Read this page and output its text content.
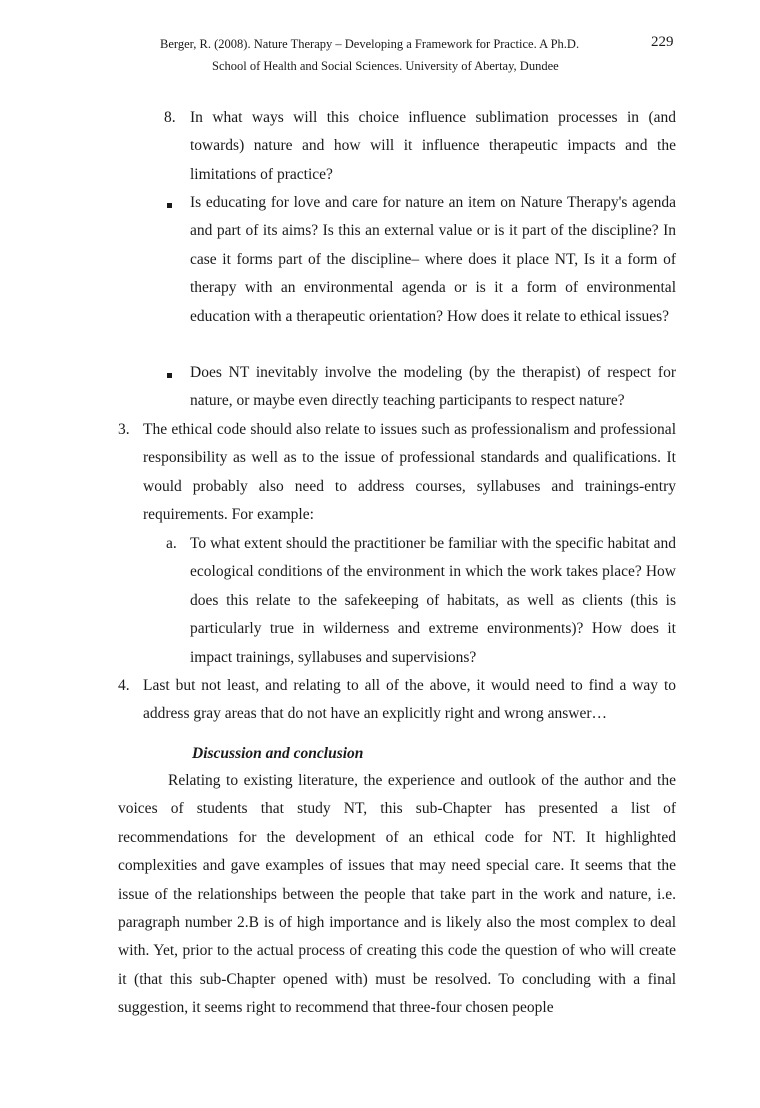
Berger, R. (2008). Nature Therapy – Developing a Framework for Practice. A Ph.D.
School of Health and Social Sciences. University of Abertay, Dundee
229
8. In what ways will this choice influence sublimation processes in (and towards) nature and how will it influence therapeutic impacts and the limitations of practice?
Is educating for love and care for nature an item on Nature Therapy's agenda and part of its aims? Is this an external value or is it part of the discipline? In case it forms part of the discipline– where does it place NT, Is it a form of therapy with an environmental agenda or is it a form of environmental education with a therapeutic orientation? How does it relate to ethical issues?
Does NT inevitably involve the modeling (by the therapist) of respect for nature, or maybe even directly teaching participants to respect nature?
3. The ethical code should also relate to issues such as professionalism and professional responsibility as well as to the issue of professional standards and qualifications. It would probably also need to address courses, syllabuses and trainings-entry requirements. For example:
a. To what extent should the practitioner be familiar with the specific habitat and ecological conditions of the environment in which the work takes place? How does this relate to the safekeeping of habitats, as well as clients (this is particularly true in wilderness and extreme environments)? How does it impact trainings, syllabuses and supervisions?
4. Last but not least, and relating to all of the above, it would need to find a way to address gray areas that do not have an explicitly right and wrong answer…
Discussion and conclusion

Relating to existing literature, the experience and outlook of the author and the voices of students that study NT, this sub-Chapter has presented a list of recommendations for the development of an ethical code for NT. It highlighted complexities and gave examples of issues that may need special care. It seems that the issue of the relationships between the people that take part in the work and nature, i.e. paragraph number 2.B is of high importance and is likely also the most complex to deal with. Yet, prior to the actual process of creating this code the question of who will create it (that this sub-Chapter opened with) must be resolved. To concluding with a final suggestion, it seems right to recommend that three-four chosen people
